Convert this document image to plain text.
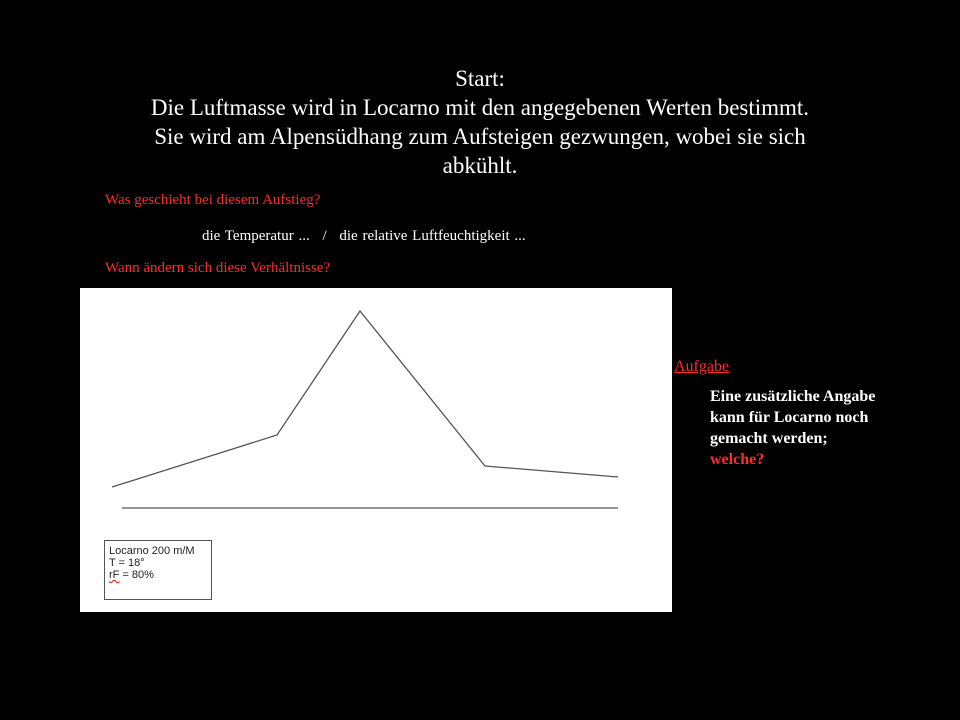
Start:
Die Luftmasse wird in Locarno mit den angegebenen Werten bestimmt.
Sie wird am Alpensüdhang zum Aufsteigen gezwungen, wobei sie sich
abkühlt.
Was geschieht bei diesem Aufstieg?
die Temperatur ... / die relative Luftfeuchtigkeit ...
Wann ändern sich diese Verhältnisse?
Locarno 200 m/M
T = 18°
rF = 80%
Aufgabe
Eine zusätzliche Angabe kann für Locarno noch gemacht werden; welche?
